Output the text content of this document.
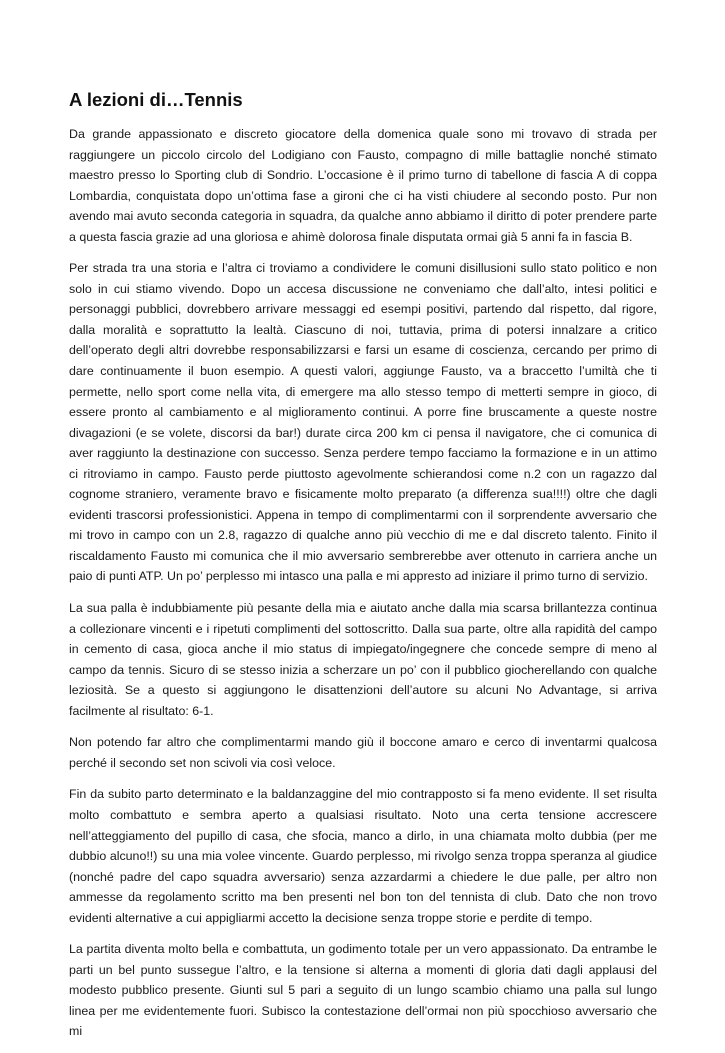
A lezioni di…Tennis

Da grande appassionato e discreto giocatore della domenica quale sono mi trovavo di strada per raggiungere un piccolo circolo del Lodigiano con Fausto, compagno di mille battaglie nonché stimato maestro presso lo Sporting club di Sondrio. L’occasione è il primo turno di tabellone di fascia A di coppa Lombardia, conquistata dopo un’ottima fase a gironi che ci ha visti chiudere al secondo posto. Pur non avendo mai avuto seconda categoria in squadra, da qualche anno abbiamo il diritto di poter prendere parte a questa fascia grazie ad una gloriosa e ahimè dolorosa finale disputata ormai già 5 anni fa in fascia B.

Per strada tra una storia e l’altra ci troviamo a condividere le comuni disillusioni sullo stato politico e non solo in cui stiamo vivendo. Dopo un accesa discussione ne conveniamo che dall’alto, intesi politici e personaggi pubblici, dovrebbero arrivare messaggi ed esempi positivi, partendo dal rispetto, dal rigore, dalla moralità e soprattutto la lealtà. Ciascuno di noi, tuttavia, prima di potersi innalzare a critico dell’operato degli altri dovrebbe responsabilizzarsi e farsi un esame di coscienza, cercando per primo di dare continuamente il buon esempio. A questi valori, aggiunge Fausto, va a braccetto l’umiltà che ti permette, nello sport come nella vita, di emergere ma allo stesso tempo di metterti sempre in gioco, di essere pronto al cambiamento e al miglioramento continui. A porre fine bruscamente a queste nostre divagazioni (e se volete, discorsi da bar!) durate circa 200 km ci pensa il navigatore, che ci comunica di aver raggiunto la destinazione con successo. Senza perdere tempo facciamo la formazione e in un attimo ci ritroviamo in campo. Fausto perde piuttosto agevolmente schierandosi come n.2 con un ragazzo dal cognome straniero, veramente bravo e fisicamente molto preparato (a differenza sua!!!!) oltre che dagli evidenti trascorsi professionistici. Appena in tempo di complimentarmi con il sorprendente avversario che mi trovo in campo con un 2.8, ragazzo di qualche anno più vecchio di me e dal discreto talento. Finito il riscaldamento Fausto mi comunica che il mio avversario sembrerebbe aver ottenuto in carriera anche un paio di punti ATP. Un po’ perplesso mi intasco una palla e mi appresto ad iniziare il primo turno di servizio.

La sua palla è indubbiamente più pesante della mia e aiutato anche dalla mia scarsa brillantezza continua a collezionare vincenti e i ripetuti complimenti del sottoscritto. Dalla sua parte, oltre alla rapidità del campo in cemento di casa, gioca anche il mio status di impiegato/ingegnere che concede sempre di meno al campo da tennis. Sicuro di se stesso inizia a scherzare un po’ con il pubblico giocherellando con qualche leziosità. Se a questo si aggiungono le disattenzioni dell’autore su alcuni No Advantage, si arriva facilmente al risultato: 6-1.

Non potendo far altro che complimentarmi mando giù il boccone amaro e cerco di inventarmi qualcosa perché il secondo set non scivoli via così veloce.

Fin da subito parto determinato e la baldanzaggine del mio contrapposto si fa meno evidente. Il set risulta molto combattuto e sembra aperto a qualsiasi risultato. Noto una certa tensione accrescere nell’atteggiamento del pupillo di casa, che sfocia, manco a dirlo, in una chiamata molto dubbia (per me dubbio alcuno!!) su una mia volee vincente. Guardo perplesso, mi rivolgo senza troppa speranza al giudice (nonché padre del capo squadra avversario) senza azzardarmi a chiedere le due palle, per altro non ammesse da regolamento scritto ma ben presenti nel bon ton del tennista di club. Dato che non trovo evidenti alternative a cui appigliarmi accetto la decisione senza troppe storie e perdite di tempo.

La partita diventa molto bella e combattuta, un godimento totale per un vero appassionato. Da entrambe le parti un bel punto sussegue l’altro, e la tensione si alterna a momenti di gloria dati dagli applausi del modesto pubblico presente. Giunti sul 5 pari a seguito di un lungo scambio chiamo una palla sul lungo linea per me evidentemente fuori. Subisco la contestazione dell’ormai non più spocchioso avversario che mi
